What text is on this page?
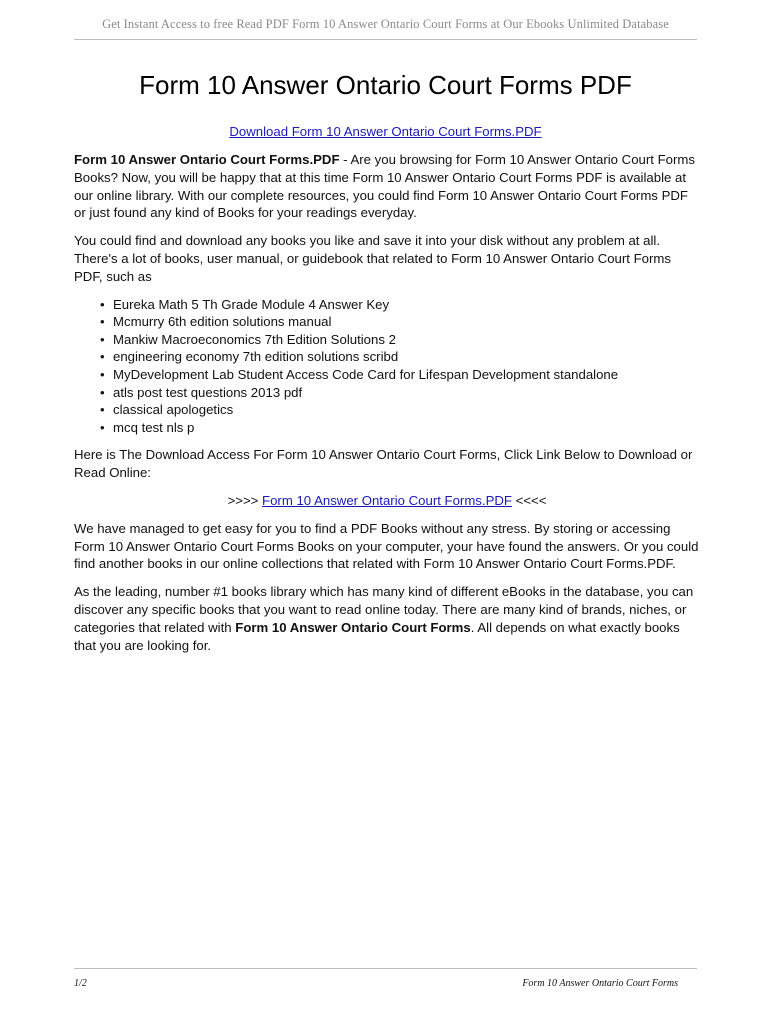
Get Instant Access to free Read PDF Form 10 Answer Ontario Court Forms at Our Ebooks Unlimited Database
Form 10 Answer Ontario Court Forms PDF
Download Form 10 Answer Ontario Court Forms.PDF

Form 10 Answer Ontario Court Forms.PDF - Are you browsing for Form 10 Answer Ontario Court Forms Books? Now, you will be happy that at this time Form 10 Answer Ontario Court Forms PDF is available at our online library. With our complete resources, you could find Form 10 Answer Ontario Court Forms PDF or just found any kind of Books for your readings everyday.

You could find and download any books you like and save it into your disk without any problem at all. There's a lot of books, user manual, or guidebook that related to Form 10 Answer Ontario Court Forms PDF, such as

• Eureka Math 5 Th Grade Module 4 Answer Key
• Mcmurry 6th edition solutions manual
• Mankiw Macroeconomics 7th Edition Solutions 2
• engineering economy 7th edition solutions scribd
• MyDevelopment Lab Student Access Code Card for Lifespan Development standalone
• atls post test questions 2013 pdf
• classical apologetics
• mcq test nls p

Here is The Download Access For Form 10 Answer Ontario Court Forms, Click Link Below to Download or Read Online:

>>>> Form 10 Answer Ontario Court Forms.PDF <<<<

We have managed to get easy for you to find a PDF Books without any stress. By storing or accessing Form 10 Answer Ontario Court Forms Books on your computer, your have found the answers. Or you could find another books in our online collections that related with Form 10 Answer Ontario Court Forms.PDF.

As the leading, number #1 books library which has many kind of different eBooks in the database, you can discover any specific books that you want to read online today. There are many kind of brands, niches, or categories that related with Form 10 Answer Ontario Court Forms. All depends on what exactly books that you are looking for.

1/2	Form 10 Answer Ontario Court Forms
